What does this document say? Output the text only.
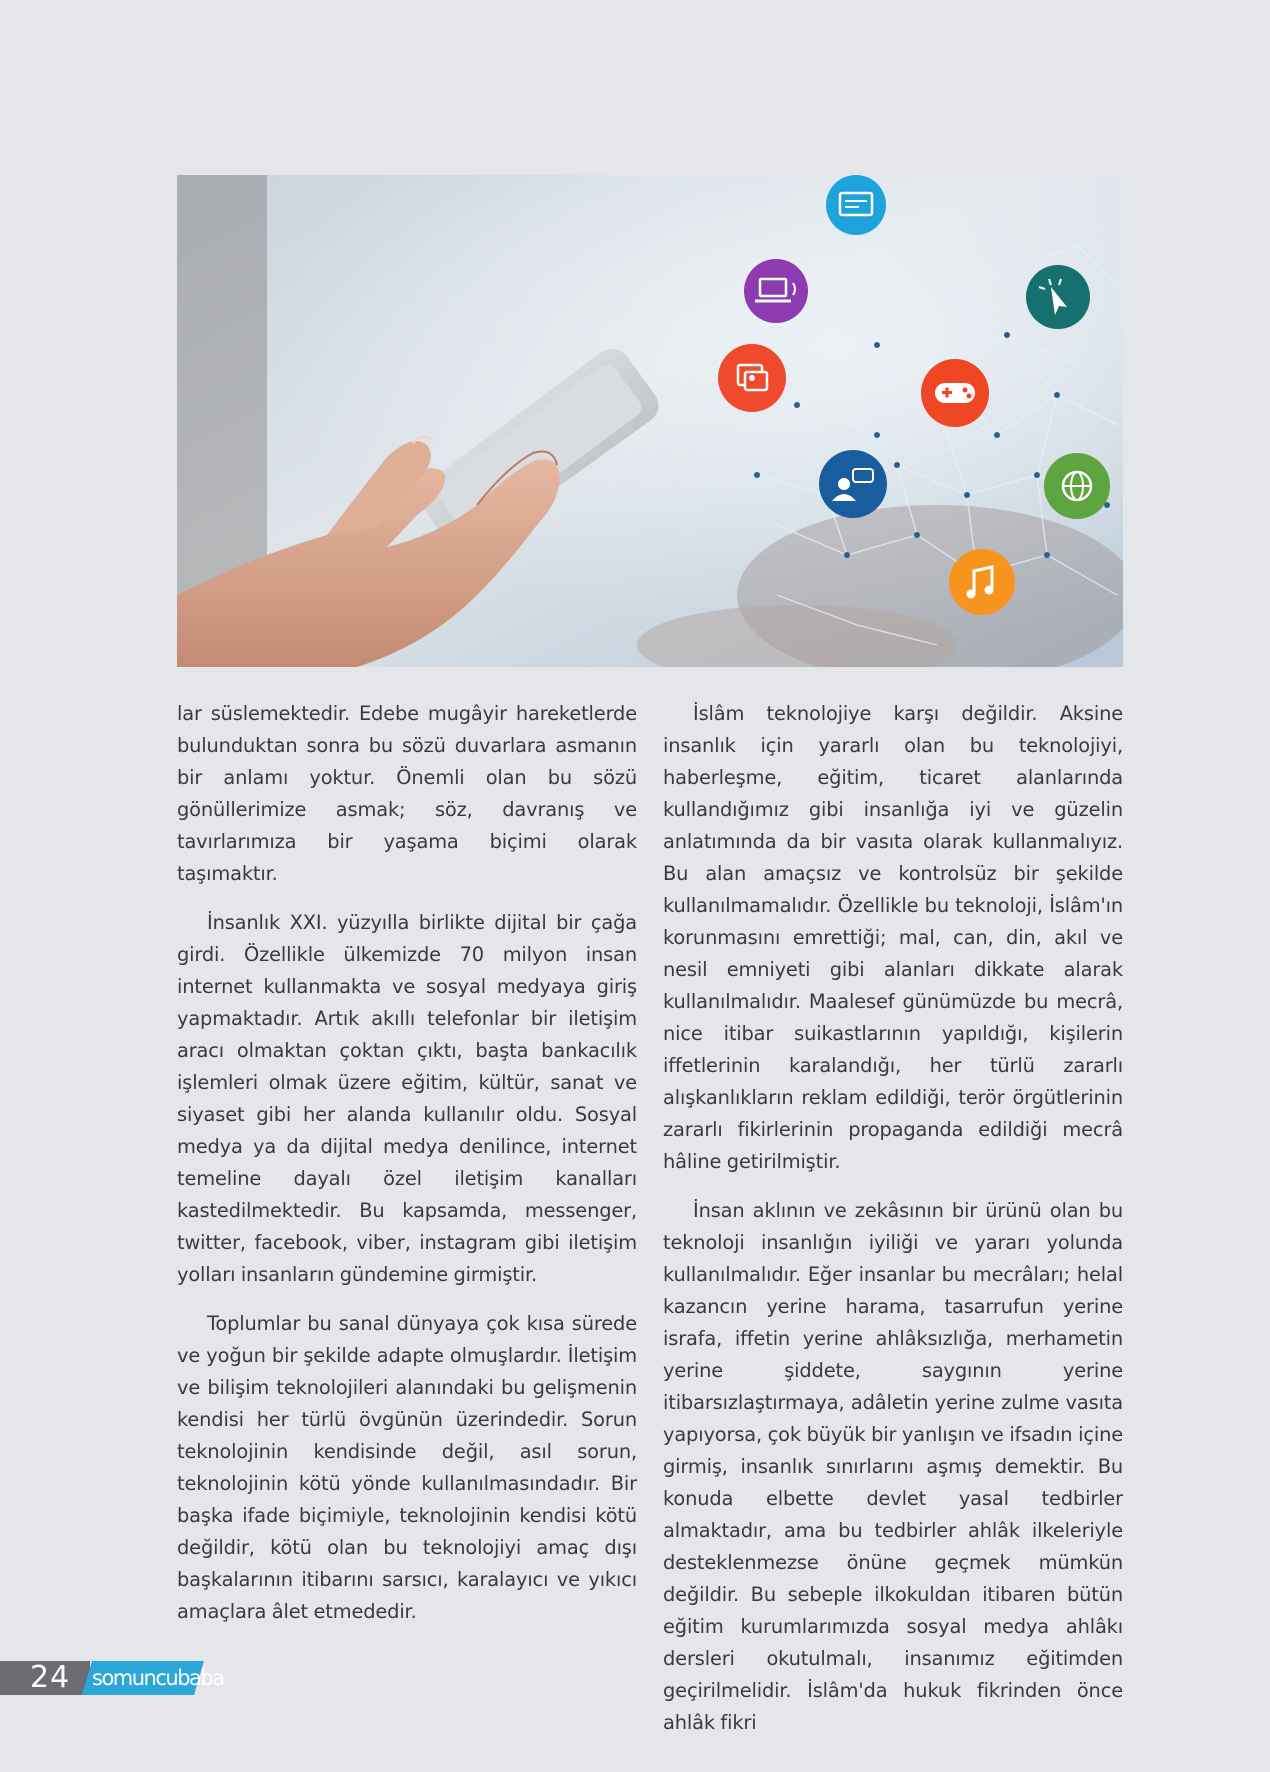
lar süslemektedir. Edebe mugâyir hareketlerde bulunduktan sonra bu sözü duvarlara asmanın bir anlamı yoktur. Önemli olan bu sözü gönüllerimize asmak; söz, davranış ve tavırlarımıza bir yaşama biçimi olarak taşımaktır.

İnsanlık XXI. yüzyılla birlikte dijital bir çağa girdi. Özellikle ülkemizde 70 milyon insan internet kullanmakta ve sosyal medyaya giriş yapmaktadır. Artık akıllı telefonlar bir iletişim aracı olmaktan çoktan çıktı, başta bankacılık işlemleri olmak üzere eğitim, kültür, sanat ve siyaset gibi her alanda kullanılır oldu. Sosyal medya ya da dijital medya denilince, internet temeline dayalı özel iletişim kanalları kastedilmektedir. Bu kapsamda, messenger, twitter, facebook, viber, instagram gibi iletişim yolları insanların gündemine girmiştir.

Toplumlar bu sanal dünyaya çok kısa sürede ve yoğun bir şekilde adapte olmuşlardır. İletişim ve bilişim teknolojileri alanındaki bu gelişmenin kendisi her türlü övgünün üzerindedir. Sorun teknolojinin kendisinde değil, asıl sorun, teknolojinin kötü yönde kullanılmasındadır. Bir başka ifade biçimiyle, teknolojinin kendisi kötü değildir, kötü olan bu teknolojiyi amaç dışı başkalarının itibarını sarsıcı, karalayıcı ve yıkıcı amaçlara âlet etmededir.

İslâm teknolojiye karşı değildir. Aksine insanlık için yararlı olan bu teknolojiyi, haberleşme, eğitim, ticaret alanlarında kullandığımız gibi insanlığa iyi ve güzelin anlatımında da bir vasıta olarak kullanmalıyız. Bu alan amaçsız ve kontrolsüz bir şekilde kullanılmamalıdır. Özellikle bu teknoloji, İslâm'ın korunmasını emrettiği; mal, can, din, akıl ve nesil emniyeti gibi alanları dikkate alarak kullanılmalıdır. Maalesef günümüzde bu mecrâ, nice itibar suikastlarının yapıldığı, kişilerin iffetlerinin karalandığı, her türlü zararlı alışkanlıkların reklam edildiği, terör örgütlerinin zararlı fikirlerinin propaganda edildiği mecrâ hâline getirilmiştir.

İnsan aklının ve zekâsının bir ürünü olan bu teknoloji insanlığın iyiliği ve yararı yolunda kullanılmalıdır. Eğer insanlar bu mecrâları; helal kazancın yerine harama, tasarrufun yerine israfa, iffetin yerine ahlâksızlığa, merhametin yerine şiddete, saygının yerine itibarsızlaştırmaya, adâletin yerine zulme vasıta yapıyorsa, çok büyük bir yanlışın ve ifsadın içine girmiş, insanlık sınırlarını aşmış demektir. Bu konuda elbette devlet yasal tedbirler almaktadır, ama bu tedbirler ahlâk ilkeleriyle desteklenmezse önüne geçmek mümkün değildir. Bu sebeple ilkokuldan itibaren bütün eğitim kurumlarımızda sosyal medya ahlâkı dersleri okutulmalı, insanımız eğitimden geçirilmelidir. İslâm'da hukuk fikrinden önce ahlâk fikri

24 somuncubaba
